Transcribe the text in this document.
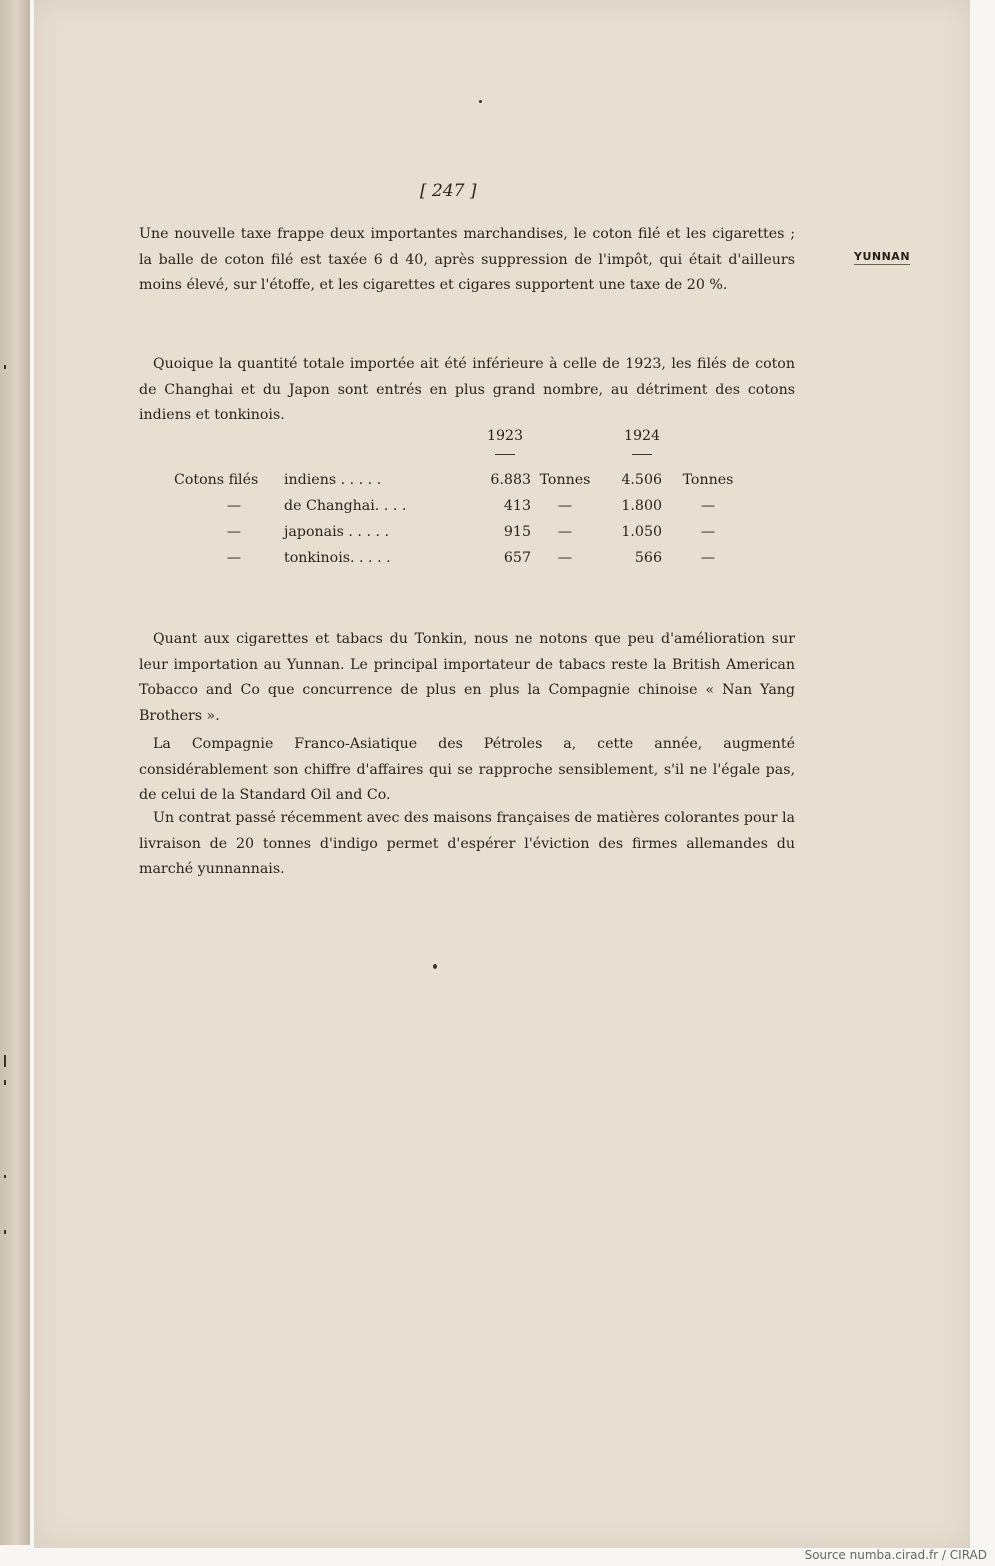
[ 247 ]
YUNNAN

Une nouvelle taxe frappe deux importantes marchandises, le coton filé et les cigarettes ; la balle de coton filé est taxée 6 d 40, après suppression de l'impôt, qui était d'ailleurs moins élevé, sur l'étoffe, et les cigarettes et cigares supportent une taxe de 20 %.

Quoique la quantité totale importée ait été inférieure à celle de 1923, les filés de coton de Changhai et du Japon sont entrés en plus grand nombre, au détriment des cotons indiens et tonkinois.

1923	1924
Cotons filés	indiens . . . . .	6.883 Tonnes	4.506	Tonnes
—	de Changhai. . . .	413	—	1.800	—
—	japonais . . . . .	915	—	1.050	—
—	tonkinois. . . . .	657	—	566	—

Quant aux cigarettes et tabacs du Tonkin, nous ne notons que peu d'amélioration sur leur importation au Yunnan. Le principal importateur de tabacs reste la British American Tobacco and Co que concurrence de plus en plus la Compagnie chinoise « Nan Yang Brothers ».

La Compagnie Franco-Asiatique des Pétroles a, cette année, augmenté considérablement son chiffre d'affaires qui se rapproche sensiblement, s'il ne l'égale pas, de celui de la Standard Oil and Co.

Un contrat passé récemment avec des maisons françaises de matières colorantes pour la livraison de 20 tonnes d'indigo permet d'espérer l'éviction des firmes allemandes du marché yunnannais.

Source numba.cirad.fr / CIRAD
